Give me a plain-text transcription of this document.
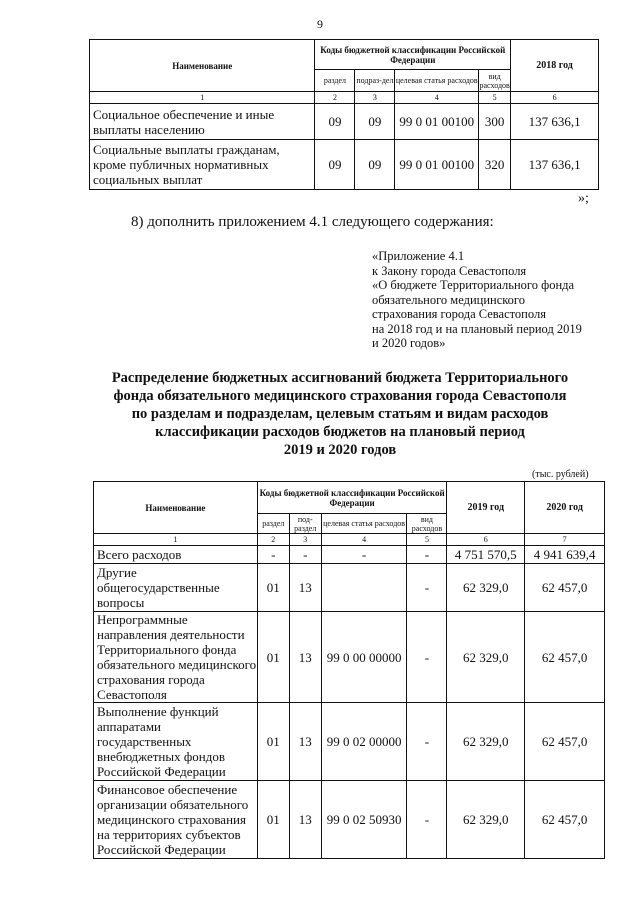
9
Наименование	Коды бюджетной классификации Российской Федерации				2018 год
	раздел	подраз-дел	целевая статья расходов	вид расходов	
1	2	3	4	5	6
Социальное обеспечение и иные выплаты населению	09	09	99 0 01 00100	300	137 636,1
Социальные выплаты гражданам, кроме публичных нормативных социальных выплат	09	09	99 0 01 00100	320	137 636,1
»;
8) дополнить приложением 4.1 следующего содержания:
«Приложение 4.1
к Закону города Севастополя
«О бюджете Территориального фонда
обязательного медицинского
страхования города Севастополя
на 2018 год и на плановый период 2019
и 2020 годов»
Распределение бюджетных ассигнований бюджета Территориального
фонда обязательного медицинского страхования города Севастополя
по разделам и подразделам, целевым статьям и видам расходов
классификации расходов бюджетов на плановый период
2019 и 2020 годов
(тыс. рублей)
Наименование	Коды бюджетной классификации Российской Федерации				2019 год	2020 год
	раздел	под-раздел	целевая статья расходов	вид расходов		
1	2	3	4	5	6	7
Всего расходов	-	-	-	-	4 751 570,5	4 941 639,4
Другие общегосударственные вопросы	01	13		-	62 329,0	62 457,0
Непрограммные направления деятельности Территориального фонда обязательного медицинского страхования города Севастополя	01	13	99 0 00 00000	-	62 329,0	62 457,0
Выполнение функций аппаратами государственных внебюджетных фондов Российской Федерации	01	13	99 0 02 00000	-	62 329,0	62 457,0
Финансовое обеспечение организации обязательного медицинского страхования на территориях субъектов Российской Федерации	01	13	99 0 02 50930	-	62 329,0	62 457,0
